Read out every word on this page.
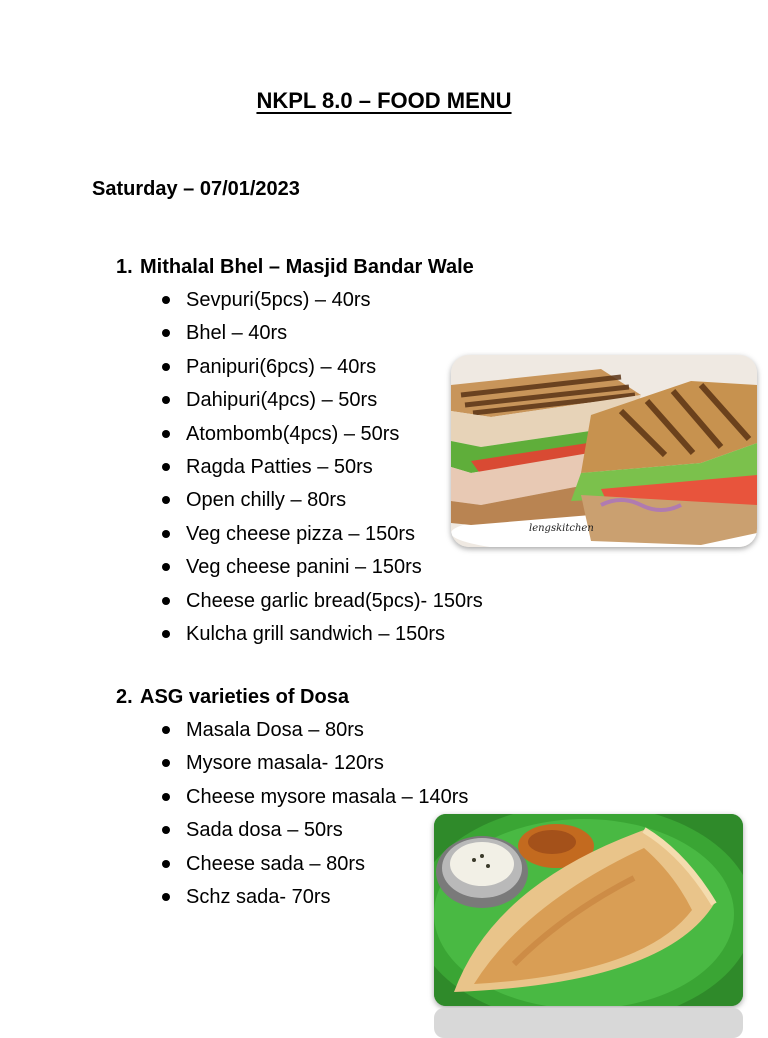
NKPL 8.0 – FOOD MENU
Saturday – 07/01/2023
1. Mithalal Bhel – Masjid Bandar Wale
Sevpuri(5pcs) – 40rs
Bhel – 40rs
Panipuri(6pcs) – 40rs
Dahipuri(4pcs) – 50rs
Atombomb(4pcs) – 50rs
Ragda Patties – 50rs
Open chilly – 80rs
Veg cheese pizza – 150rs
Veg cheese panini – 150rs
Cheese garlic bread(5pcs)- 150rs
Kulcha grill sandwich – 150rs
2. ASG varieties of Dosa
Masala Dosa – 80rs
Mysore masala- 120rs
Cheese mysore masala – 140rs
Sada dosa – 50rs
Cheese sada – 80rs
Schz sada- 70rs
lengskitchen
